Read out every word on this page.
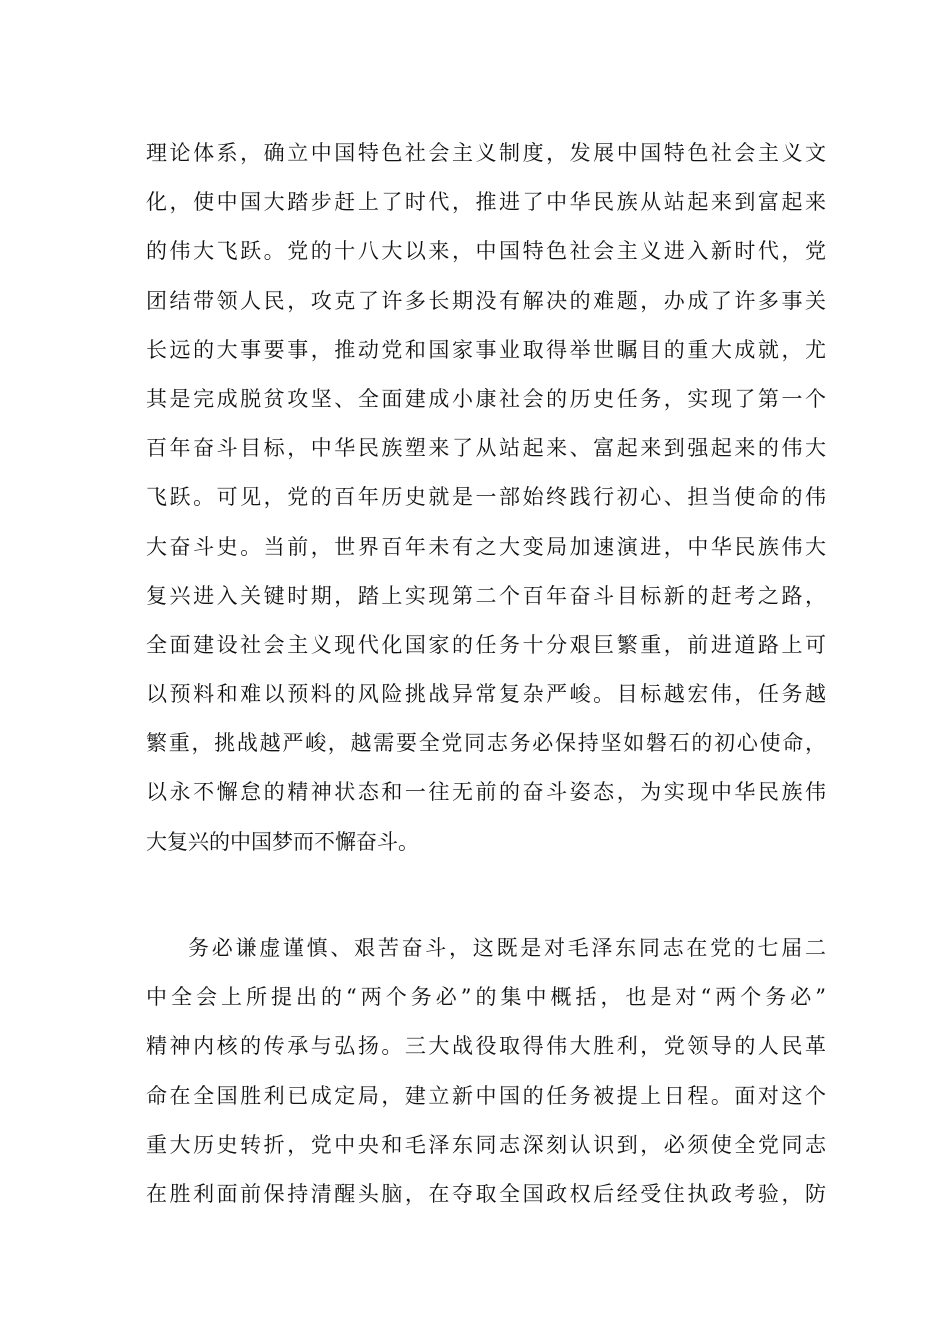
理论体系，确立中国特色社会主义制度，发展中国特色社会主义文
化，使中国大踏步赶上了时代，推进了中华民族从站起来到富起来
的伟大飞跃。党的十八大以来，中国特色社会主义进入新时代，党
团结带领人民，攻克了许多长期没有解决的难题，办成了许多事关
长远的大事要事，推动党和国家事业取得举世瞩目的重大成就，尤
其是完成脱贫攻坚、全面建成小康社会的历史任务，实现了第一个
百年奋斗目标，中华民族塑来了从站起来、富起来到强起来的伟大
飞跃。可见，党的百年历史就是一部始终践行初心、担当使命的伟
大奋斗史。当前，世界百年未有之大变局加速演进，中华民族伟大
复兴进入关键时期，踏上实现第二个百年奋斗目标新的赶考之路，
全面建设社会主义现代化国家的任务十分艰巨繁重，前进道路上可
以预料和难以预料的风险挑战异常复杂严峻。目标越宏伟，任务越
繁重，挑战越严峻，越需要全党同志务必保持坚如磐石的初心使命，
以永不懈怠的精神状态和一往无前的奋斗姿态，为实现中华民族伟
大复兴的中国梦而不懈奋斗。
务必谦虚谨慎、艰苦奋斗，这既是对毛泽东同志在党的七届二
中全会上所提出的“两个务必”的集中概括，也是对“两个务必”
精神内核的传承与弘扬。三大战役取得伟大胜利，党领导的人民革
命在全国胜利已成定局，建立新中国的任务被提上日程。面对这个
重大历史转折，党中央和毛泽东同志深刻认识到，必须使全党同志
在胜利面前保持清醒头脑，在夺取全国政权后经受住执政考验，防
